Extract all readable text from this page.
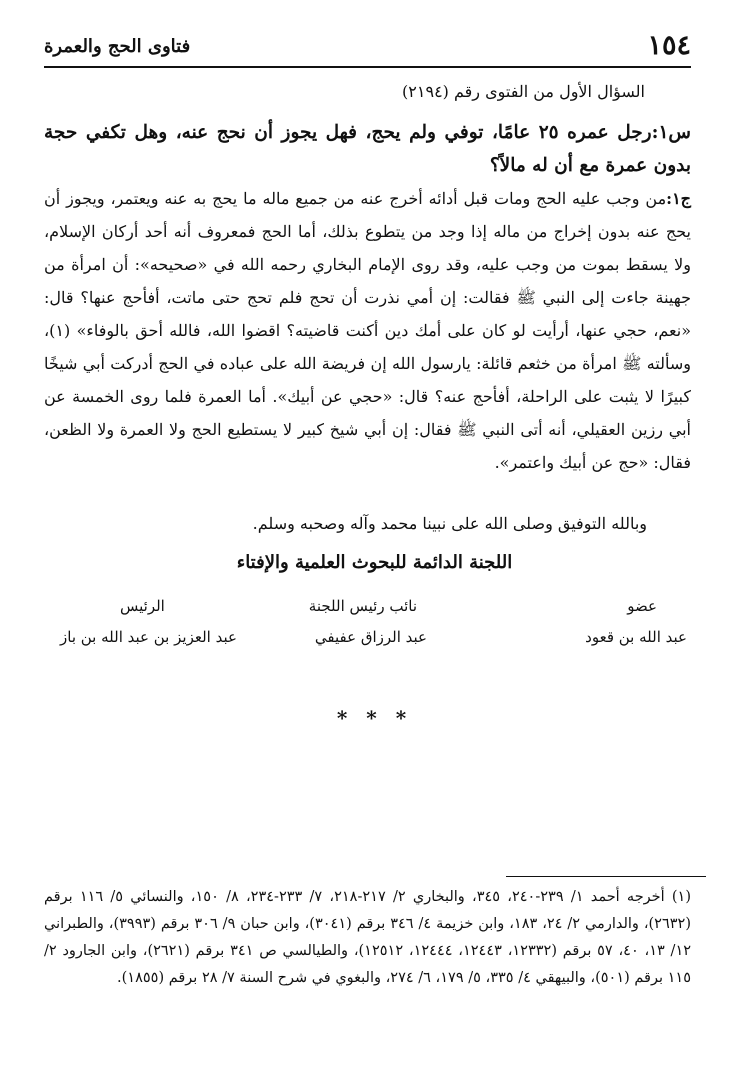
١٥٤
فتاوى الحج والعمرة
السؤال الأول من الفتوى رقم (٢١٩٤)
س١:رجل عمره ٢٥ عامًا، توفي ولم يحج، فهل يجوز أن نحج عنه، وهل تكفي حجة بدون عمرة مع أن له مالاً؟
ج١:من وجب عليه الحج ومات قبل أدائه أخرج عنه من جميع ماله ما يحج به عنه ويعتمر، ويجوز أن يحج عنه بدون إخراج من ماله إذا وجد من يتطوع بذلك، أما الحج فمعروف أنه أحد أركان الإسلام، ولا يسقط بموت من وجب عليه، وقد روى الإمام البخاري رحمه الله في «صحيحه»: أن امرأة من جهينة جاءت إلى النبي ﷺ فقالت: إن أمي نذرت أن تحج فلم تحج حتى ماتت، أفأحج عنها؟ قال: «نعم، حجي عنها، أرأيت لو كان على أمك دين أكنت قاضيته؟ اقضوا الله، فالله أحق بالوفاء» (١)، وسألته ﷺ امرأة من خثعم قائلة: يارسول الله إن فريضة الله على عباده في الحج أدركت أبي شيخًا كبيرًا لا يثبت على الراحلة، أفأحج عنه؟ قال: «حجي عن أبيك». أما العمرة فلما روى الخمسة عن أبي رزين العقيلي، أنه أتى النبي ﷺ فقال: إن أبي شيخ كبير لا يستطيع الحج ولا العمرة ولا الظعن، فقال: «حج عن أبيك واعتمر».
وبالله التوفيق وصلى الله على نبينا محمد وآله وصحبه وسلم.
اللجنة الدائمة للبحوث العلمية والإفتاء
عضو
نائب رئيس اللجنة
الرئيس
عبد الله بن قعود
عبد الرزاق عفيفي
عبد العزيز بن عبد الله بن باز
* * *
(١) أخرجه أحمد ١/ ٢٣٩-٢٤٠، ٣٤٥، والبخاري ٢/ ٢١٧-٢١٨، ٧/ ٢٣٣-٢٣٤، ٨/ ١٥٠، والنسائي ٥/ ١١٦ برقم (٢٦٣٢)، والدارمي ٢/ ٢٤، ١٨٣، وابن خزيمة ٤/ ٣٤٦ برقم (٣٠٤١)، وابن حبان ٩/ ٣٠٦ برقم (٣٩٩٣)، والطبراني ١٢/ ١٣، ٤٠، ٥٧ برقم (١٢٣٣٢، ١٢٤٤٣، ١٢٤٤٤، ١٢٥١٢)، والطيالسي ص ٣٤١ برقم (٢٦٢١)، وابن الجارود ٢/ ١١٥ برقم (٥٠١)، والبيهقي ٤/ ٣٣٥، ٥/ ١٧٩، ٦/ ٢٧٤، والبغوي في شرح السنة ٧/ ٢٨ برقم (١٨٥٥).
